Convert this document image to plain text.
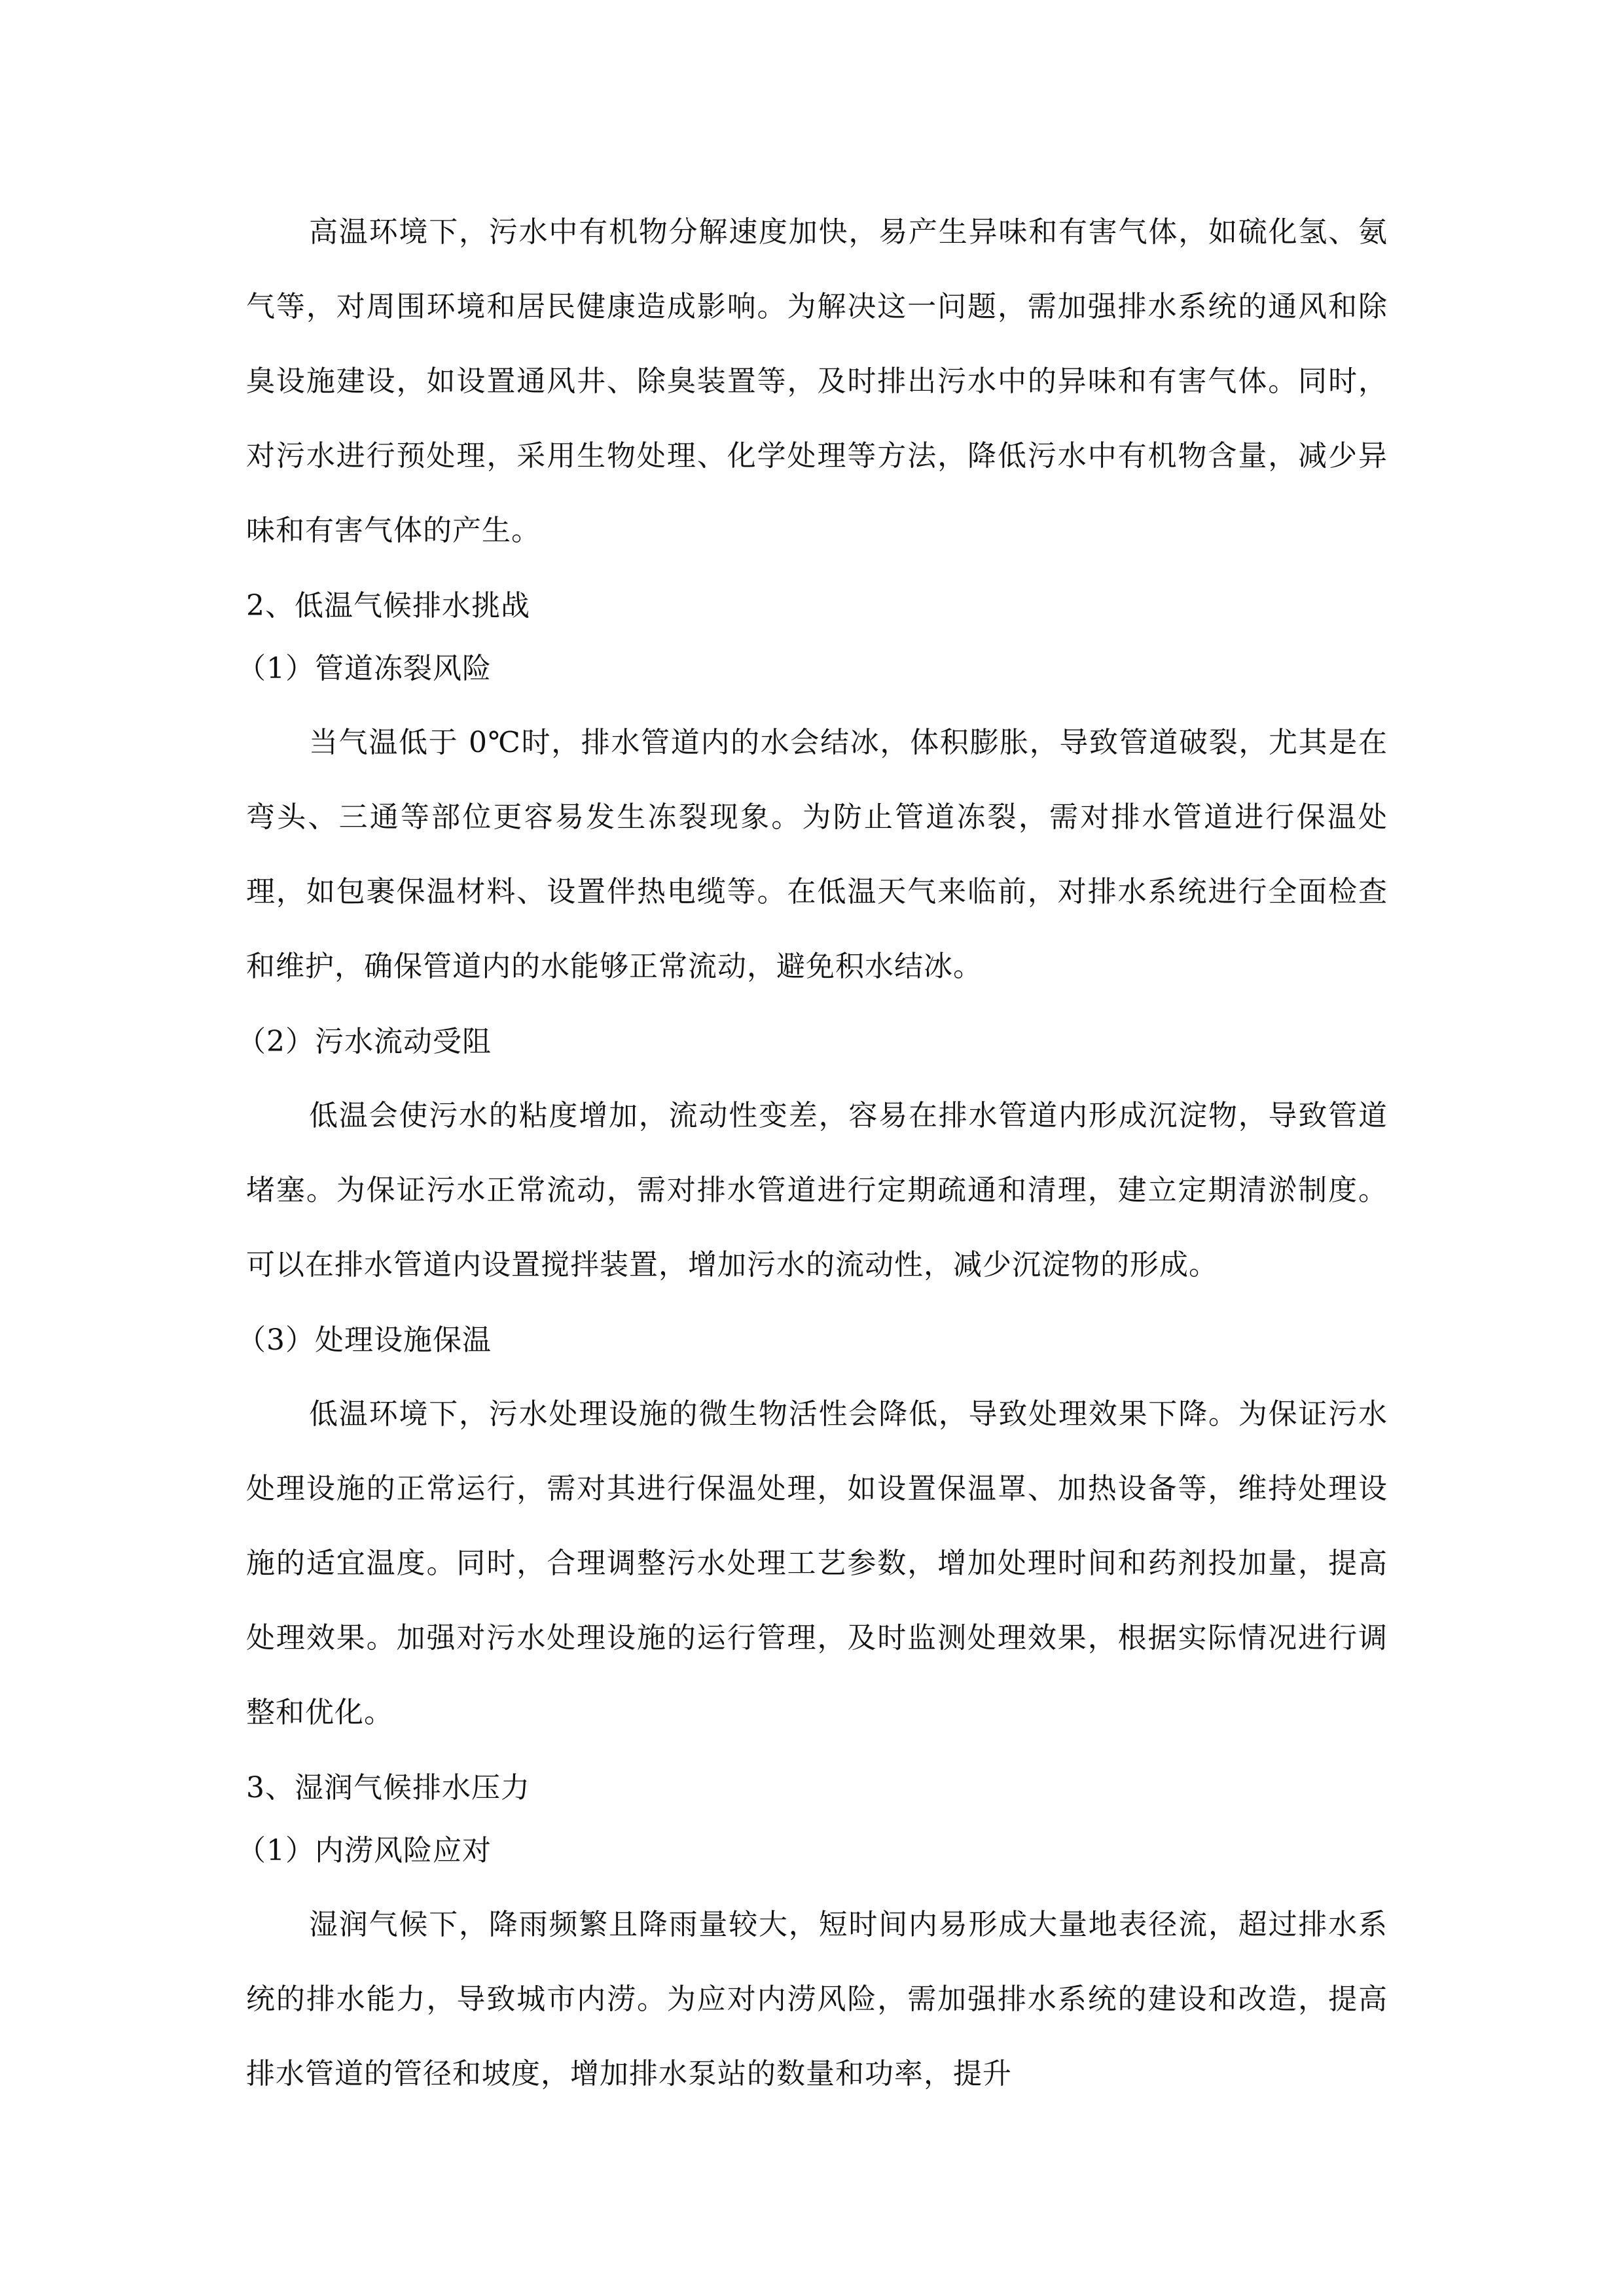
高温环境下，污水中有机物分解速度加快，易产生异味和有害气体，如硫化氢、氨气等，对周围环境和居民健康造成影响。为解决这一问题，需加强排水系统的通风和除臭设施建设，如设置通风井、除臭装置等，及时排出污水中的异味和有害气体。同时，对污水进行预处理，采用生物处理、化学处理等方法，降低污水中有机物含量，减少异味和有害气体的产生。

2、低温气候排水挑战

（1）管道冻裂风险

当气温低于 0℃时，排水管道内的水会结冰，体积膨胀，导致管道破裂，尤其是在弯头、三通等部位更容易发生冻裂现象。为防止管道冻裂，需对排水管道进行保温处理，如包裹保温材料、设置伴热电缆等。在低温天气来临前，对排水系统进行全面检查和维护，确保管道内的水能够正常流动，避免积水结冰。

（2）污水流动受阻

低温会使污水的粘度增加，流动性变差，容易在排水管道内形成沉淀物，导致管道堵塞。为保证污水正常流动，需对排水管道进行定期疏通和清理，建立定期清淤制度。可以在排水管道内设置搅拌装置，增加污水的流动性，减少沉淀物的形成。

（3）处理设施保温

低温环境下，污水处理设施的微生物活性会降低，导致处理效果下降。为保证污水处理设施的正常运行，需对其进行保温处理，如设置保温罩、加热设备等，维持处理设施的适宜温度。同时，合理调整污水处理工艺参数，增加处理时间和药剂投加量，提高处理效果。加强对污水处理设施的运行管理，及时监测处理效果，根据实际情况进行调整和优化。

3、湿润气候排水压力

（1）内涝风险应对

湿润气候下，降雨频繁且降雨量较大，短时间内易形成大量地表径流，超过排水系统的排水能力，导致城市内涝。为应对内涝风险，需加强排水系统的建设和改造，提高排水管道的管径和坡度，增加排水泵站的数量和功率，提升
